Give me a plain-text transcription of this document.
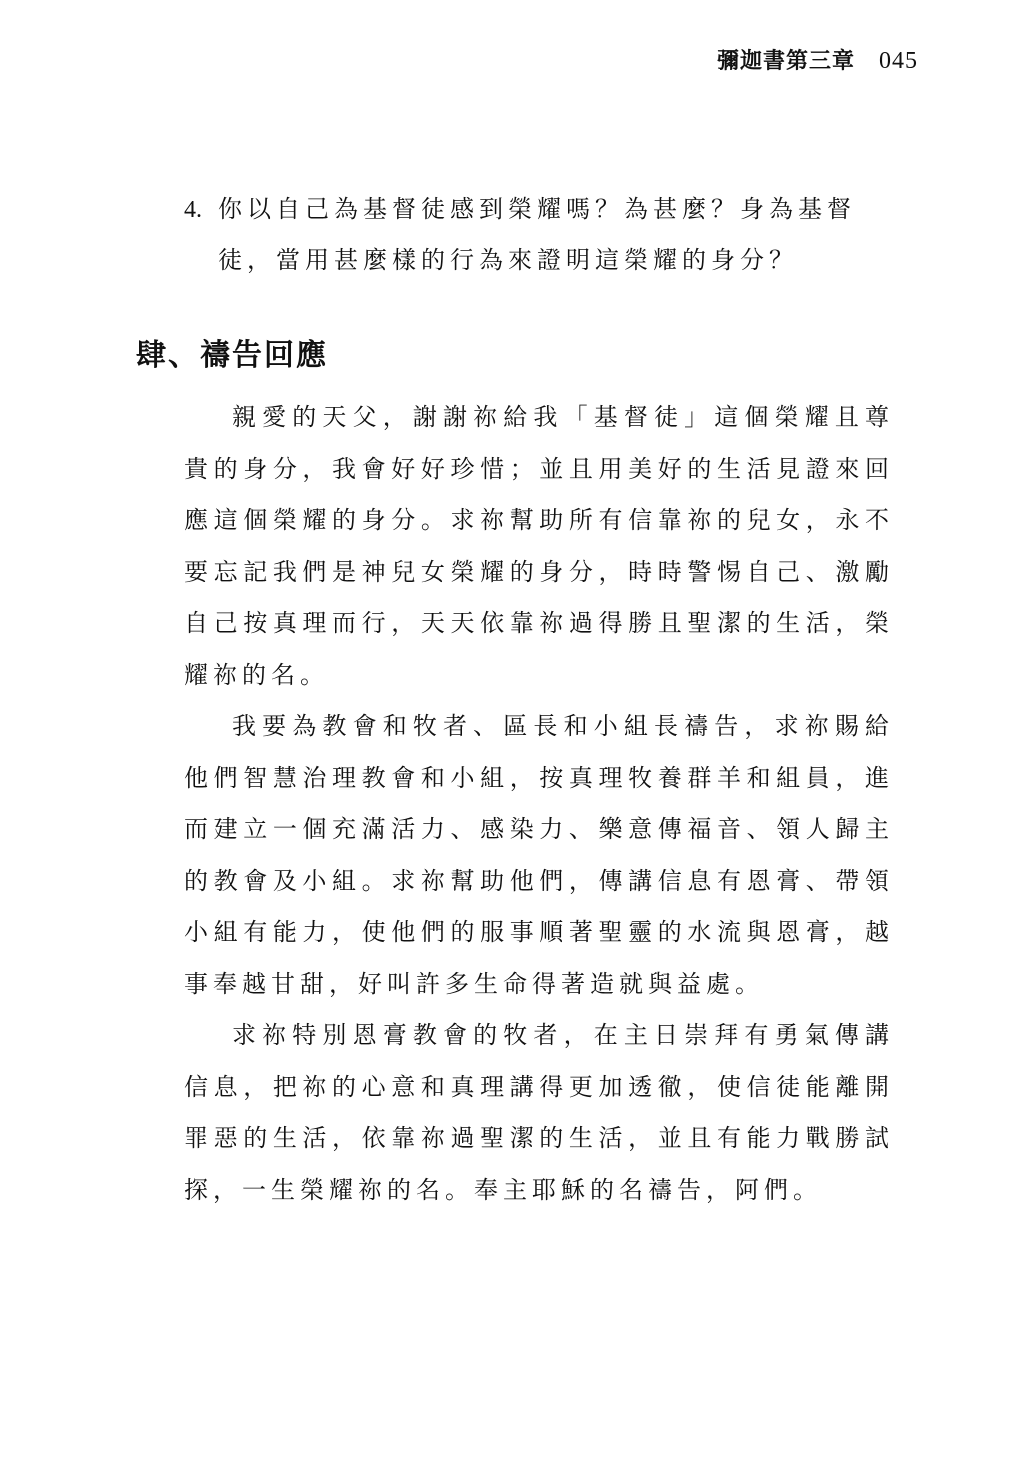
彌迦書第三章 045
4. 你以自己為基督徒感到榮耀嗎？為甚麼？身為基督
徒，當用甚麼樣的行為來證明這榮耀的身分？
肆、禱告回應

親愛的天父，謝謝祢給我「基督徒」這個榮耀且尊貴的身分，我會好好珍惜；並且用美好的生活見證來回應這個榮耀的身分。求祢幫助所有信靠祢的兒女，永不要忘記我們是神兒女榮耀的身分，時時警惕自己、激勵自己按真理而行，天天依靠祢過得勝且聖潔的生活，榮耀祢的名。

我要為教會和牧者、區長和小組長禱告，求祢賜給他們智慧治理教會和小組，按真理牧養群羊和組員，進而建立一個充滿活力、感染力、樂意傳福音、領人歸主的教會及小組。求祢幫助他們，傳講信息有恩膏、帶領小組有能力，使他們的服事順著聖靈的水流與恩膏，越事奉越甘甜，好叫許多生命得著造就與益處。

求祢特別恩膏教會的牧者，在主日崇拜有勇氣傳講信息，把祢的心意和真理講得更加透徹，使信徒能離開罪惡的生活，依靠祢過聖潔的生活，並且有能力戰勝試探，一生榮耀祢的名。奉主耶穌的名禱告，阿們。
